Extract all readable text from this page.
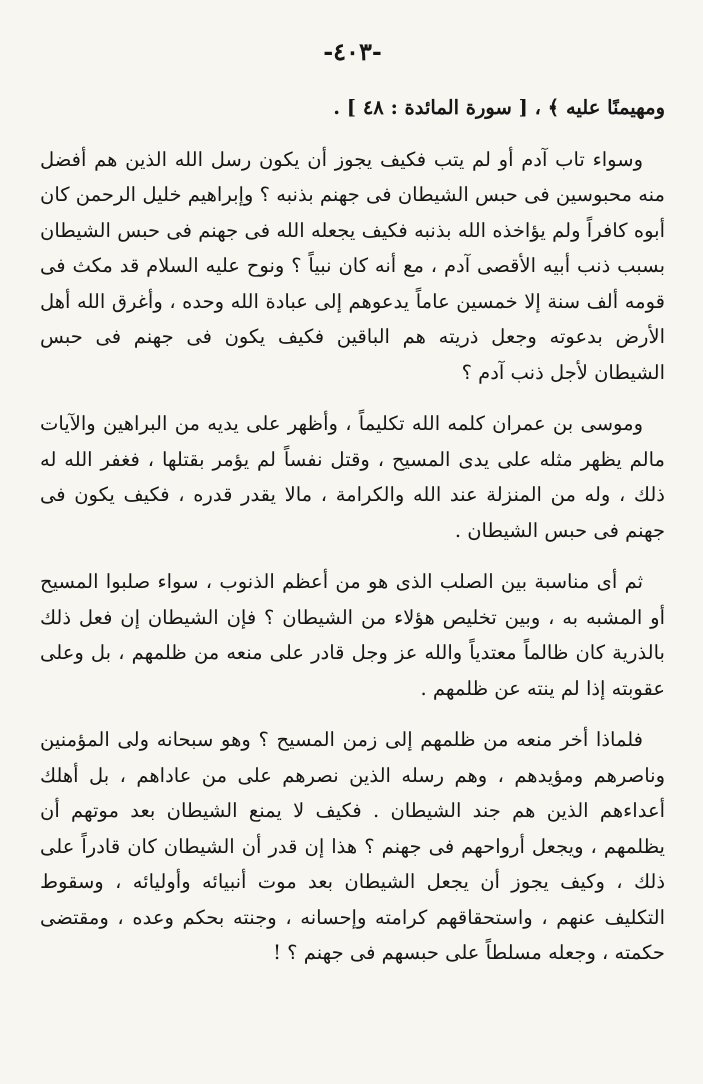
-٤٠٣-

ومهيمنًا عليه ﴾ ، [ سورة المائدة : ٤٨ ] .

وسواء تاب آدم أو لم يتب فكيف يجوز أن يكون رسل الله الذين هم أفضل منه محبوسين فى حبس الشيطان فى جهنم بذنبه ؟ وإبراهيم خليل الرحمن كان أبوه كافراً ولم يؤاخذه الله بذنبه فكيف يجعله الله فى جهنم فى حبس الشيطان بسبب ذنب أبيه الأقصى آدم ، مع أنه كان نبياً ؟ ونوح عليه السلام قد مكث فى قومه ألف سنة إلا خمسين عاماً يدعوهم إلى عبادة الله وحده ، وأغرق الله أهل الأرض بدعوته وجعل ذريته هم الباقين فكيف يكون فى جهنم فى حبس الشيطان لأجل ذنب آدم ؟

وموسى بن عمران كلمه الله تكليماً ، وأظهر على يديه من البراهين والآيات مالم يظهر مثله على يدى المسيح ، وقتل نفساً لم يؤمر بقتلها ، فغفر الله له ذلك ، وله من المنزلة عند الله والكرامة ، مالا يقدر قدره ، فكيف يكون فى جهنم فى حبس الشيطان .

ثم أى مناسبة بين الصلب الذى هو من أعظم الذنوب ، سواء صلبوا المسيح أو المشبه به ، وبين تخليص هؤلاء من الشيطان ؟ فإن الشيطان إن فعل ذلك بالذرية كان ظالماً معتدياً والله عز وجل قادر على منعه من ظلمهم ، بل وعلى عقوبته إذا لم ينته عن ظلمهم .

فلماذا أخر منعه من ظلمهم إلى زمن المسيح ؟ وهو سبحانه ولى المؤمنين وناصرهم ومؤيدهم ، وهم رسله الذين نصرهم على من عاداهم ، بل أهلك أعداءهم الذين هم جند الشيطان . فكيف لا يمنع الشيطان بعد موتهم أن يظلمهم ، ويجعل أرواحهم فى جهنم ؟ هذا إن قدر أن الشيطان كان قادراً على ذلك ، وكيف يجوز أن يجعل الشيطان بعد موت أنبيائه وأوليائه ، وسقوط التكليف عنهم ، واستحقاقهم كرامته وإحسانه ، وجنته بحكم وعده ، ومقتضى حكمته ، وجعله مسلطاً على حبسهم فى جهنم ؟ !
